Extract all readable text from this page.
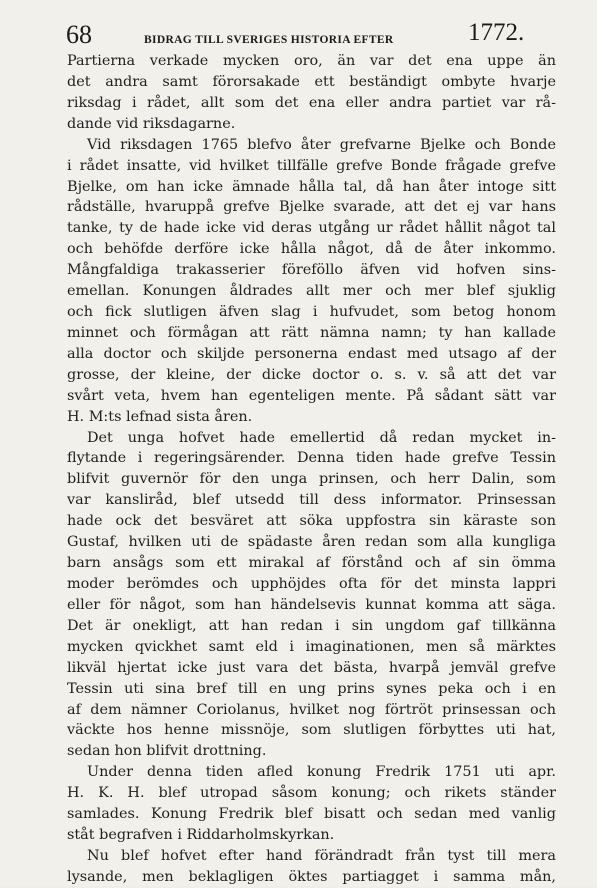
68	BIDRAG TILL SVERIGES HISTORIA EFTER	1772.
Partierna verkade mycken oro, än var det ena uppe än
det andra samt förorsakade ett beständigt ombyte hvarje
riksdag i rådet, allt som det ena eller andra partiet var rå-
dande vid riksdagarne.
Vid riksdagen 1765 blefvo åter grefvarne Bjelke och Bonde
i rådet insatte, vid hvilket tillfälle grefve Bonde frågade grefve
Bjelke, om han icke ämnade hålla tal, då han åter intoge sitt
rådställe, hvaruppå grefve Bjelke svarade, att det ej var hans
tanke, ty de hade icke vid deras utgång ur rådet hållit något tal
och behöfde derföre icke hålla något, då de åter inkommo.
Mångfaldiga trakasserier föreföllo äfven vid hofven sins-
emellan. Konungen åldrades allt mer och mer blef sjuklig
och fick slutligen äfven slag i hufvudet, som betog honom
minnet och förmågan att rätt nämna namn; ty han kallade
alla doctor och skiljde personerna endast med utsago af der
grosse, der kleine, der dicke doctor o. s. v. så att det var
svårt veta, hvem han egenteligen mente. På sådant sätt var
H. M:ts lefnad sista åren.
Det unga hofvet hade emellertid då redan mycket in-
flytande i regeringsärender. Denna tiden hade grefve Tessin
blifvit guvernör för den unga prinsen, och herr Dalin, som
var kansliråd, blef utsedd till dess informator. Prinsessan
hade ock det besväret att söka uppfostra sin käraste son
Gustaf, hvilken uti de spädaste åren redan som alla kungliga
barn ansågs som ett mirakal af förstånd och af sin ömma
moder berömdes och upphöjdes ofta för det minsta lappri
eller för något, som han händelsevis kunnat komma att säga.
Det är onekligt, att han redan i sin ungdom gaf tillkänna
mycken qvickhet samt eld i imaginationen, men så märktes
likväl hjertat icke just vara det bästa, hvarpå jemväl grefve
Tessin uti sina bref till en ung prins synes peka och i en
af dem nämner Coriolanus, hvilket nog förtröt prinsessan och
väckte hos henne missnöje, som slutligen förbyttes uti hat,
sedan hon blifvit drottning.
Under denna tiden afled konung Fredrik 1751 uti apr.
H. K. H. blef utropad såsom konung; och rikets ständer
samlades. Konung Fredrik blef bisatt och sedan med vanlig
ståt begrafven i Riddarholmskyrkan.
Nu blef hofvet efter hand förändradt från tyst till mera
lysande, men beklagligen öktes partiagget i samma mån,
